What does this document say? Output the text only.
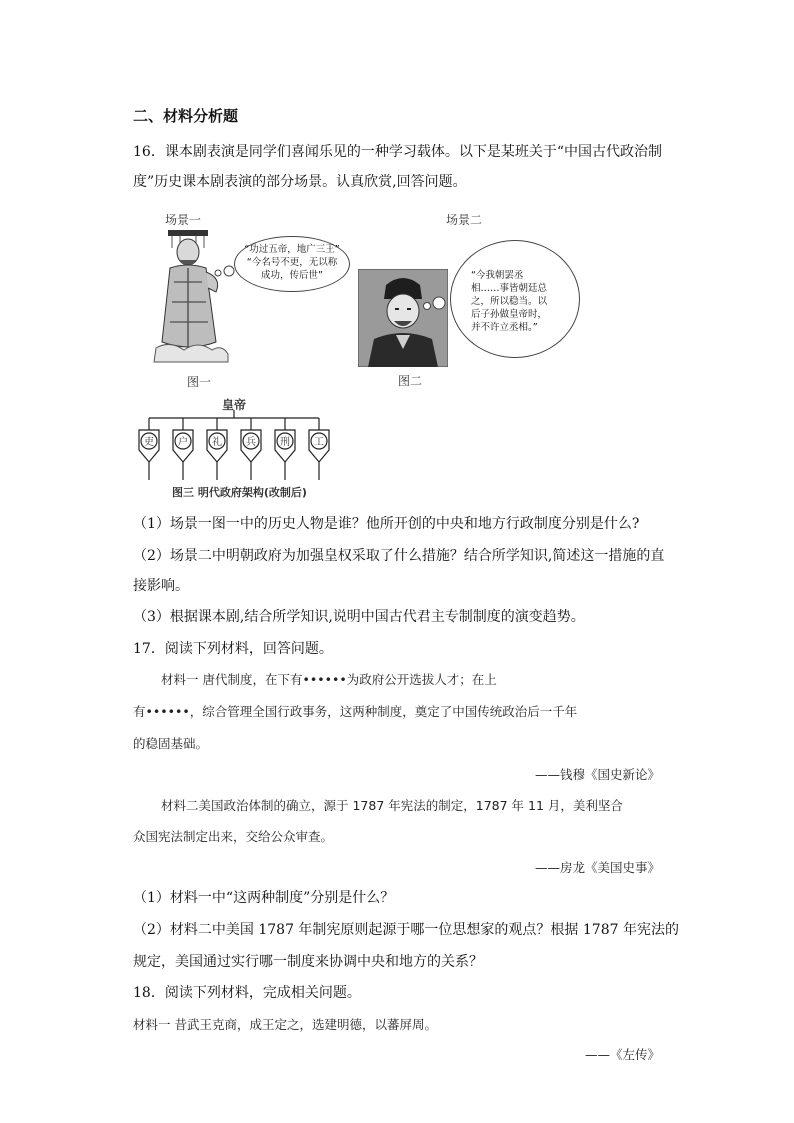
二、材料分析题
16．课本剧表演是同学们喜闻乐见的一种学习载体。以下是某班关于“中国古代政治制
度”历史课本剧表演的部分场景。认真欣赏,回答问题。
场景一	场景二
“功过五帝，地广三王”
“今名号不更，无以称
成功，传后世”
图一
“今我朝罢丞
相……事皆朝廷总
之，所以稳当。以
后子孙做皇帝时，
并不许立丞相。”
图二
皇帝
吏 户 礼 兵 刑 工
图三 明代政府架构(改制后)
（1）场景一图一中的历史人物是谁？他所开创的中央和地方行政制度分别是什么?
（2）场景二中明朝政府为加强皇权采取了什么措施？结合所学知识,简述这一措施的直
接影响。
（3）根据课本剧,结合所学知识,说明中国古代君主专制制度的演变趋势。
17．阅读下列材料，回答问题。
材料一 唐代制度，在下有••••••为政府公开选拔人才；在上
有••••••，综合管理全国行政事务，这两种制度，奠定了中国传统政治后一千年
的稳固基础。
——钱穆《国史新论》
材料二美国政治体制的确立，源于 1787 年宪法的制定，1787 年 11 月，美利坚合
众国宪法制定出来，交给公众审查。
——房龙《美国史事》
（1）材料一中“这两种制度”分别是什么？
（2）材料二中美国 1787 年制宪原则起源于哪一位思想家的观点？根据 1787 年宪法的
规定，美国通过实行哪一制度来协调中央和地方的关系？
18．阅读下列材料，完成相关问题。
材料一 昔武王克商，成王定之，选建明德，以蕃屏周。
——《左传》
